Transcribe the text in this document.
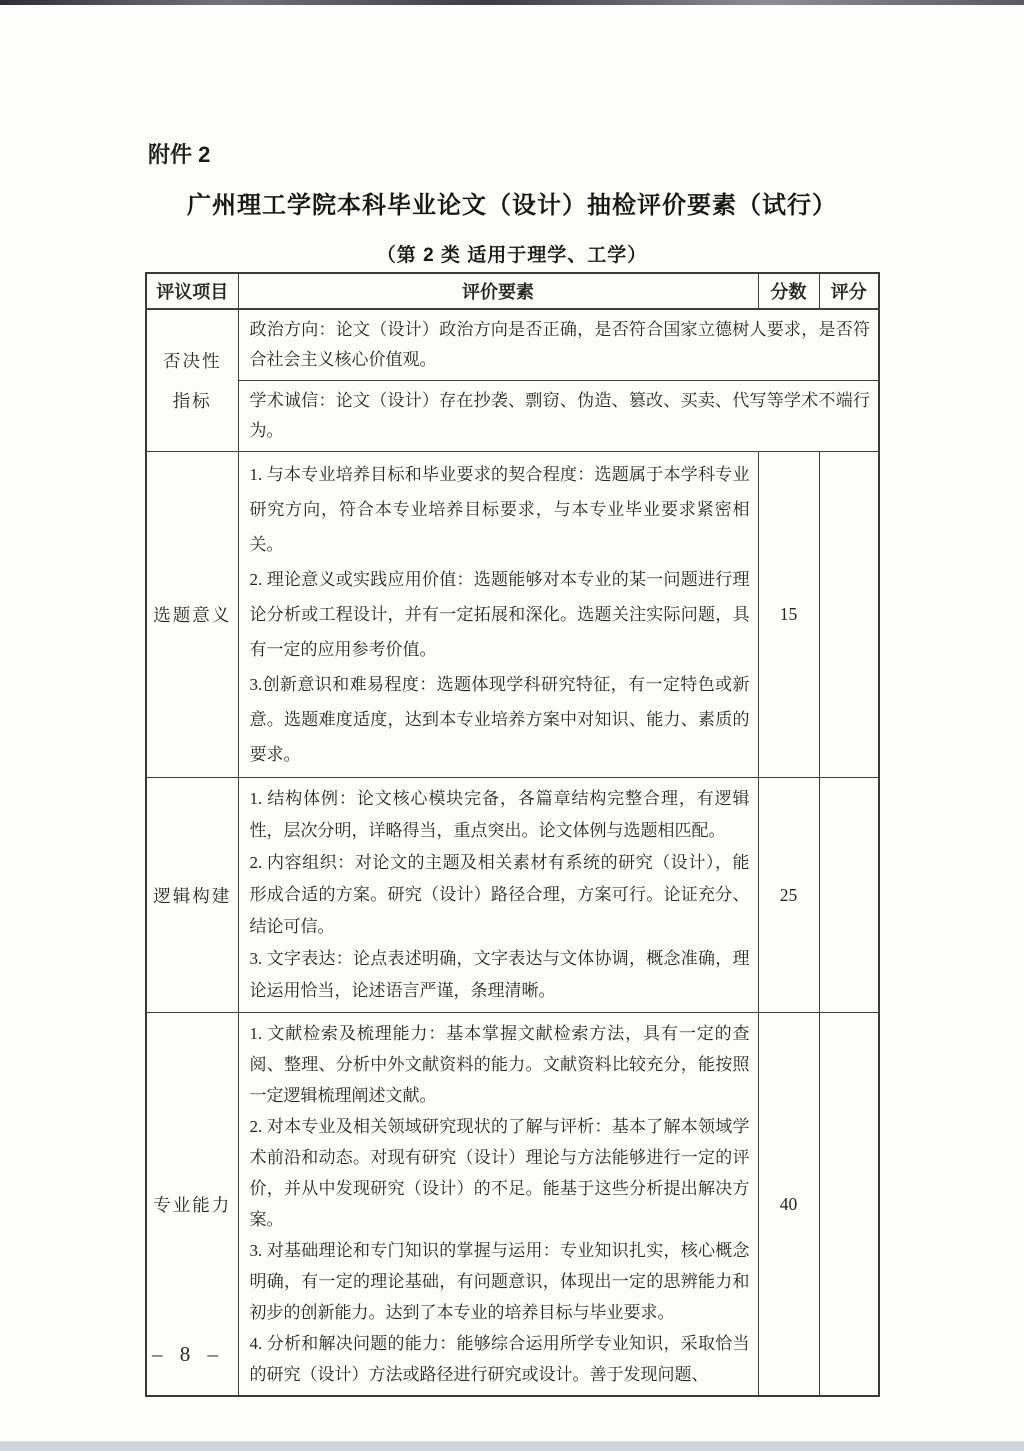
附件 2
广州理工学院本科毕业论文（设计）抽检评价要素（试行）
（第 2 类 适用于理学、工学）
评议项目	评价要素	分数	评分

否决性
指标	政治方向：论文（设计）政治方向是否正确，是否符合国家立德树人要求，是否符合社会主义核心价值观。		

	学术诚信：论文（设计）存在抄袭、剽窃、伪造、篡改、买卖、代写等学术不端行为。		

选题意义	1. 与本专业培养目标和毕业要求的契合程度：选题属于本学科专业研究方向，符合本专业培养目标要求，与本专业毕业要求紧密相关。

2. 理论意义或实践应用价值：选题能够对本专业的某一问题进行理论分析或工程设计，并有一定拓展和深化。选题关注实际问题，具有一定的应用参考价值。

3.创新意识和难易程度：选题体现学科研究特征，有一定特色或新意。选题难度适度，达到本专业培养方案中对知识、能力、素质的要求。	15	
逻辑构建	1. 结构体例：论文核心模块完备，各篇章结构完整合理，有逻辑性，层次分明，详略得当，重点突出。论文体例与选题相匹配。

2. 内容组织：对论文的主题及相关素材有系统的研究（设计），能形成合适的方案。研究（设计）路径合理，方案可行。论证充分、结论可信。

3. 文字表达：论点表述明确，文字表达与文体协调，概念准确，理论运用恰当，论述语言严谨，条理清晰。	25	
专业能力	1. 文献检索及梳理能力：基本掌握文献检索方法，具有一定的查阅、整理、分析中外文献资料的能力。文献资料比较充分，能按照一定逻辑梳理阐述文献。

2. 对本专业及相关领域研究现状的了解与评析：基本了解本领域学术前沿和动态。对现有研究（设计）理论与方法能够进行一定的评价，并从中发现研究（设计）的不足。能基于这些分析提出解决方案。

3. 对基础理论和专门知识的掌握与运用：专业知识扎实，核心概念明确，有一定的理论基础，有问题意识，体现出一定的思辨能力和初步的创新能力。达到了本专业的培养目标与毕业要求。

4. 分析和解决问题的能力：能够综合运用所学专业知识，采取恰当的研究（设计）方法或路径进行研究或设计。善于发现问题、	40	
– 8 –
